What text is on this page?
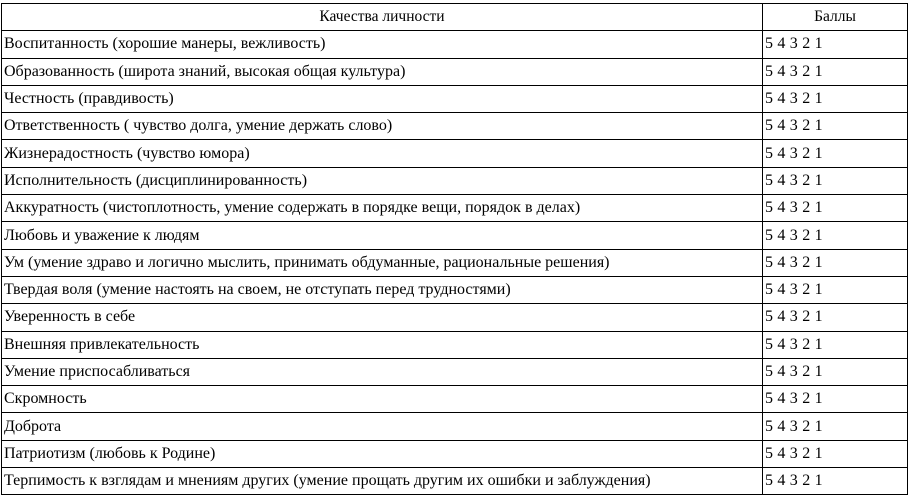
Качества личности	Баллы
Воспитанность (хорошие манеры, вежливость)	5 4 3 2 1
Образованность (широта знаний, высокая общая культура)	5 4 3 2 1
Честность (правдивость)	5 4 3 2 1
Ответственность ( чувство долга, умение держать слово)	5 4 3 2 1
Жизнерадостность (чувство юмора)	5 4 3 2 1
Исполнительность (дисциплинированность)	5 4 3 2 1
Аккуратность (чистоплотность, умение содержать в порядке вещи, порядок в делах)	5 4 3 2 1
Любовь и уважение к людям	5 4 3 2 1
Ум (умение здраво и логично мыслить, принимать обдуманные, рациональные решения)	5 4 3 2 1
Твердая воля (умение настоять на своем, не отступать перед трудностями)	5 4 3 2 1
Уверенность в себе	5 4 3 2 1
Внешняя привлекательность	5 4 3 2 1
Умение приспосабливаться	5 4 3 2 1
Скромность	5 4 3 2 1
Доброта	5 4 3 2 1
Патриотизм (любовь к Родине)	5 4 3 2 1
Терпимость к взглядам и мнениям других (умение прощать другим их ошибки и заблуждения)	5 4 3 2 1
